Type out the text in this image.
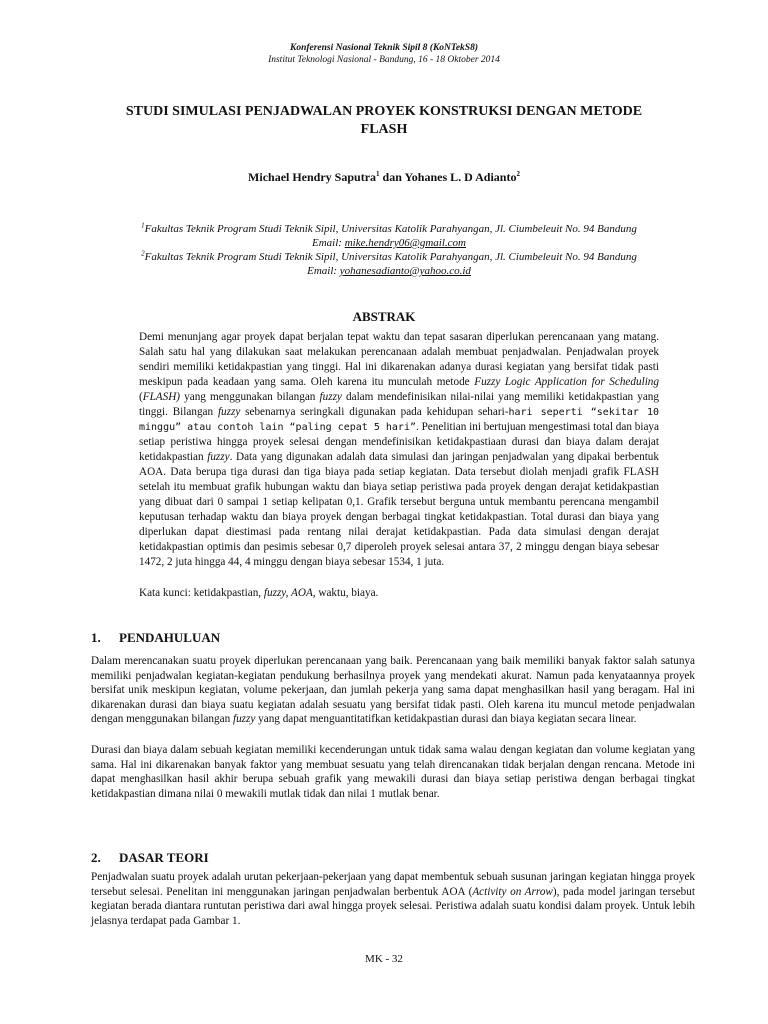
Konferensi Nasional Teknik Sipil 8 (KoNTekS8)
Institut Teknologi Nasional - Bandung, 16 - 18 Oktober 2014
STUDI SIMULASI PENJADWALAN PROYEK KONSTRUKSI DENGAN METODE
FLASH
Michael Hendry Saputra$^1$ dan Yohanes L. D Adianto$^2$
$^1$Fakultas Teknik Program Studi Teknik Sipil, Universitas Katolik Parahyangan, Jl. Ciumbeleuit No. 94 Bandung
Email: mike.hendry06@gmail.com
$^2$Fakultas Teknik Program Studi Teknik Sipil, Universitas Katolik Parahyangan, Jl. Ciumbeleuit No. 94 Bandung
Email: yohanesadianto@yahoo.co.id
ABSTRAK
Demi menunjang agar proyek dapat berjalan tepat waktu dan tepat sasaran diperlukan perencanaan yang matang. Salah satu hal yang dilakukan saat melakukan perencanaan adalah membuat penjadwalan. Penjadwalan proyek sendiri memiliki ketidakpastian yang tinggi. Hal ini dikarenakan adanya durasi kegiatan yang bersifat tidak pasti meskipun pada keadaan yang sama. Oleh karena itu munculah metode Fuzzy Logic Application for Scheduling (FLASH) yang menggunakan bilangan fuzzy dalam mendefinisikan nilai-nilai yang memiliki ketidakpastian yang tinggi. Bilangan fuzzy sebenarnya seringkali digunakan pada kehidupan sehari-hari seperti “sekitar 10 minggu” atau contoh lain “paling cepat 5 hari”. Penelitian ini bertujuan mengestimasi total dan biaya setiap peristiwa hingga proyek selesai dengan mendefinisikan ketidakpastiaan durasi dan biaya dalam derajat ketidakpastian fuzzy. Data yang digunakan adalah data simulasi dan jaringan penjadwalan yang dipakai berbentuk AOA. Data berupa tiga durasi dan tiga biaya pada setiap kegiatan. Data tersebut diolah menjadi grafik FLASH setelah itu membuat grafik hubungan waktu dan biaya setiap peristiwa pada proyek dengan derajat ketidakpastian yang dibuat dari 0 sampai 1 setiap kelipatan 0,1. Grafik tersebut berguna untuk membantu perencana mengambil keputusan terhadap waktu dan biaya proyek dengan berbagai tingkat ketidakpastian. Total durasi dan biaya yang diperlukan dapat diestimasi pada rentang nilai derajat ketidakpastian. Pada data simulasi dengan derajat ketidakpastian optimis dan pesimis sebesar 0,7 diperoleh proyek selesai antara 37, 2 minggu dengan biaya sebesar 1472, 2 juta hingga 44, 4 minggu dengan biaya sebesar 1534, 1 juta.
Kata kunci: ketidakpastian, fuzzy, AOA, waktu, biaya.
1. PENDAHULUAN
Dalam merencanakan suatu proyek diperlukan perencanaan yang baik. Perencanaan yang baik memiliki banyak faktor salah satunya memiliki penjadwalan kegiatan-kegiatan pendukung berhasilnya proyek yang mendekati akurat. Namun pada kenyataannya proyek bersifat unik meskipun kegiatan, volume pekerjaan, dan jumlah pekerja yang sama dapat menghasilkan hasil yang beragam. Hal ini dikarenakan durasi dan biaya suatu kegiatan adalah sesuatu yang bersifat tidak pasti. Oleh karena itu muncul metode penjadwalan dengan menggunakan bilangan fuzzy yang dapat menguantitatifkan ketidakpastian durasi dan biaya kegiatan secara linear.
Durasi dan biaya dalam sebuah kegiatan memiliki kecenderungan untuk tidak sama walau dengan kegiatan dan volume kegiatan yang sama. Hal ini dikarenakan banyak faktor yang membuat sesuatu yang telah direncanakan tidak berjalan dengan rencana. Metode ini dapat menghasilkan hasil akhir berupa sebuah grafik yang mewakili durasi dan biaya setiap peristiwa dengan berbagai tingkat ketidakpastian dimana nilai 0 mewakili mutlak tidak dan nilai 1 mutlak benar.
2. DASAR TEORI
Penjadwalan suatu proyek adalah urutan pekerjaan-pekerjaan yang dapat membentuk sebuah susunan jaringan kegiatan hingga proyek tersebut selesai. Penelitan ini menggunakan jaringan penjadwalan berbentuk AOA (Activity on Arrow), pada model jaringan tersebut kegiatan berada diantara runtutan peristiwa dari awal hingga proyek selesai. Peristiwa adalah suatu kondisi dalam proyek. Untuk lebih jelasnya terdapat pada Gambar 1.
MK - 32
